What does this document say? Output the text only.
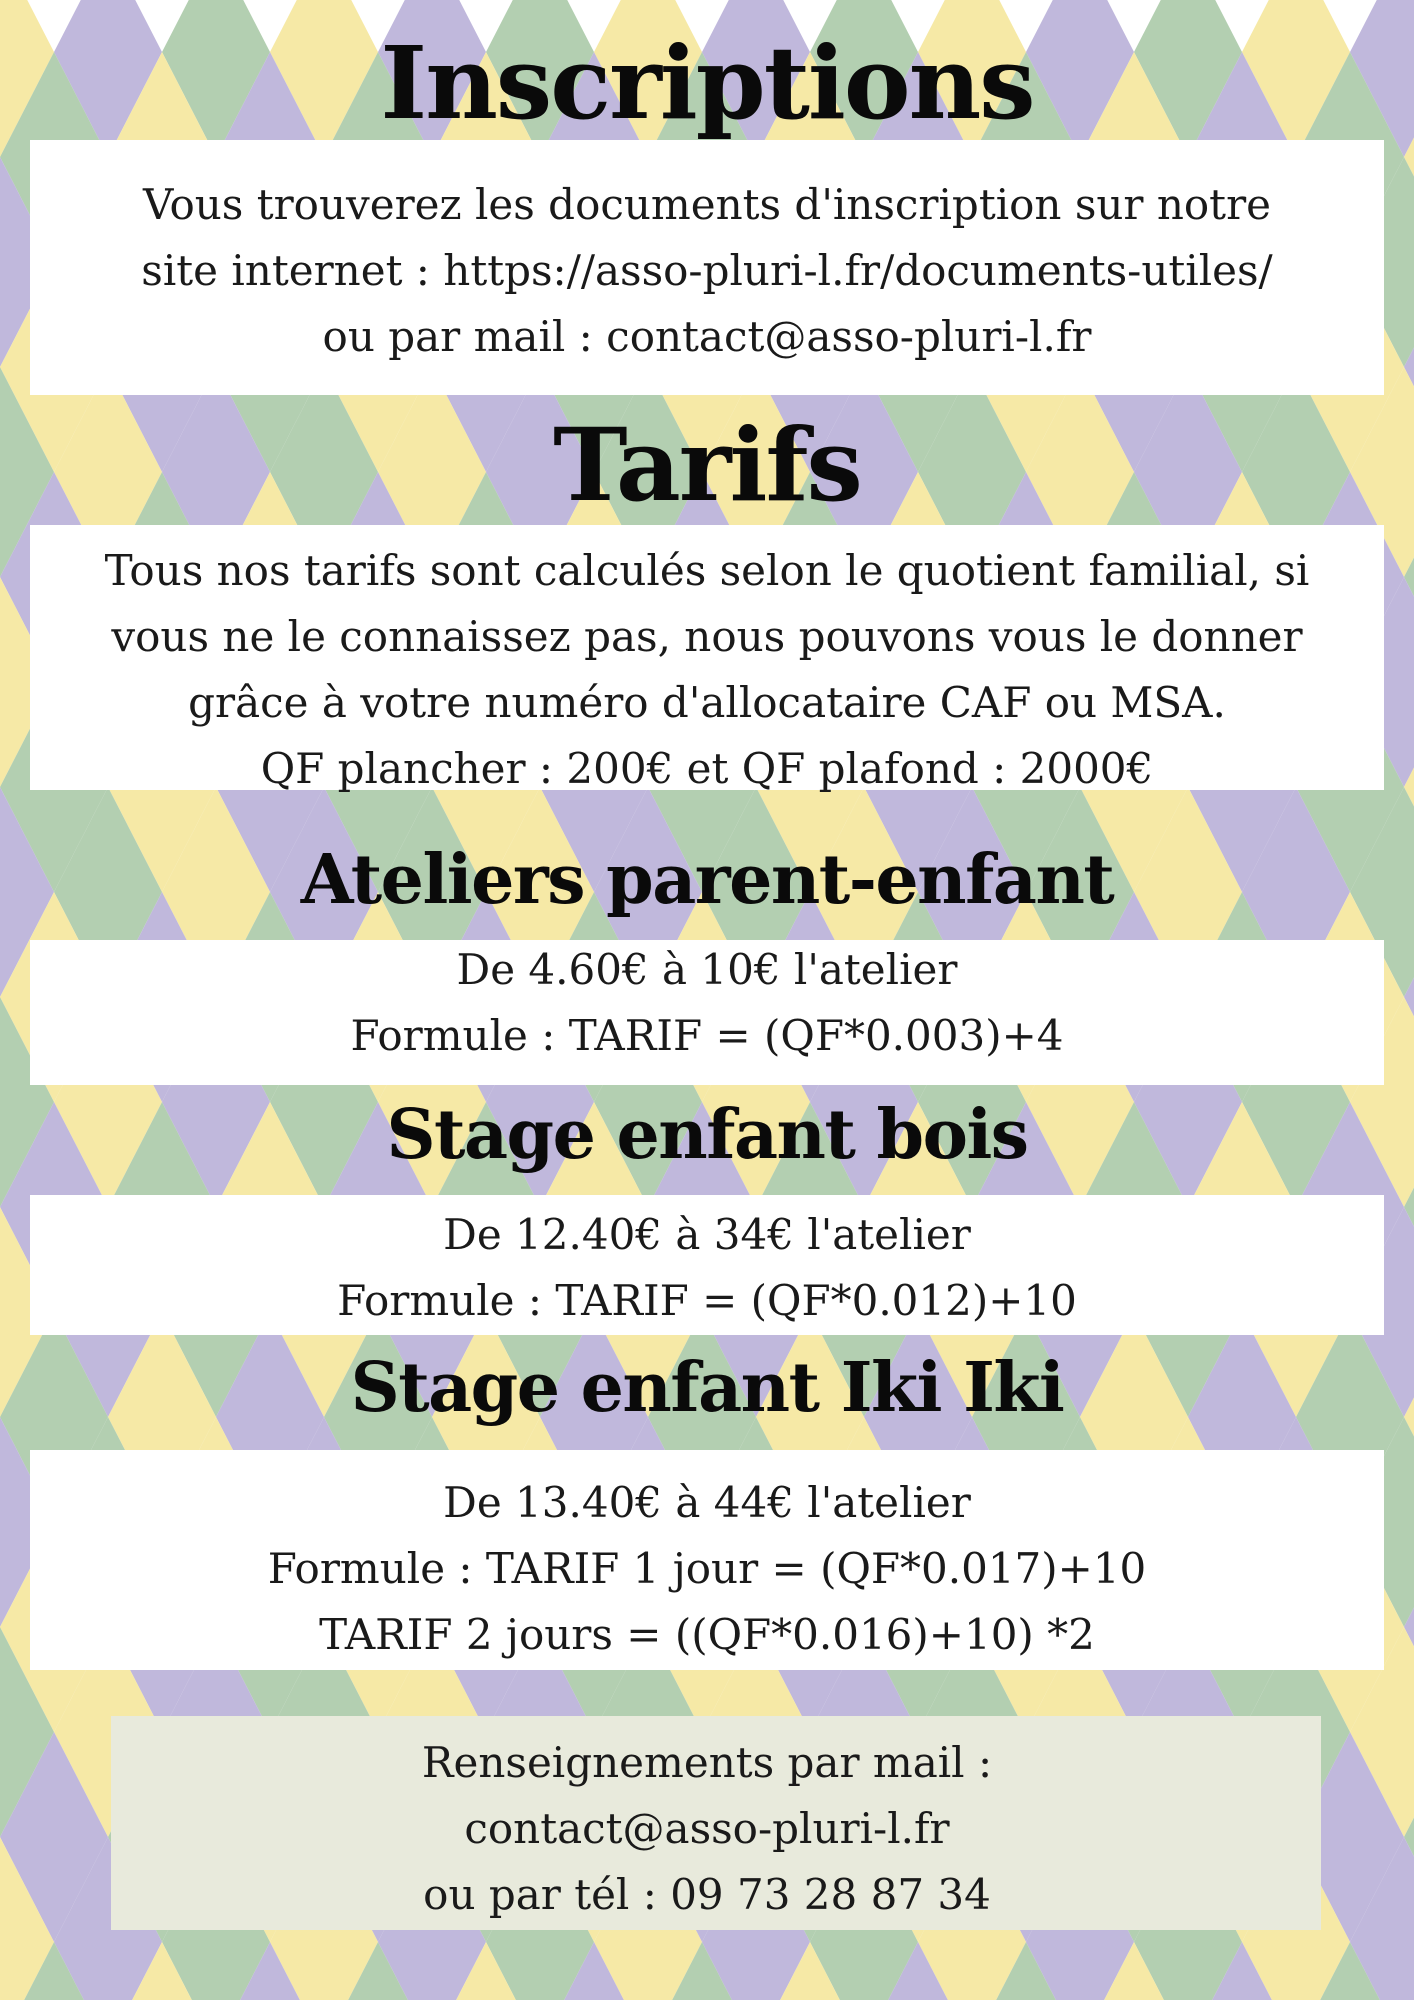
Inscriptions
Vous trouverez les documents d'inscription sur notre
site internet : https://asso-pluri-l.fr/documents-utiles/
ou par mail : contact@asso-pluri-l.fr
Tarifs
Tous nos tarifs sont calculés selon le quotient familial, si
vous ne le connaissez pas, nous pouvons vous le donner
grâce à votre numéro d'allocataire CAF ou MSA.
QF plancher : 200€ et QF plafond : 2000€
Ateliers parent-enfant
De 4.60€ à 10€ l'atelier
Formule : TARIF = (QF*0.003)+4
Stage enfant bois
De 12.40€ à 34€ l'atelier
Formule : TARIF = (QF*0.012)+10
Stage enfant Iki Iki
De 13.40€ à 44€ l'atelier
Formule : TARIF 1 jour = (QF*0.017)+10
TARIF 2 jours = ((QF*0.016)+10) *2
Renseignements par mail :
contact@asso-pluri-l.fr
ou par tél : 09 73 28 87 34
